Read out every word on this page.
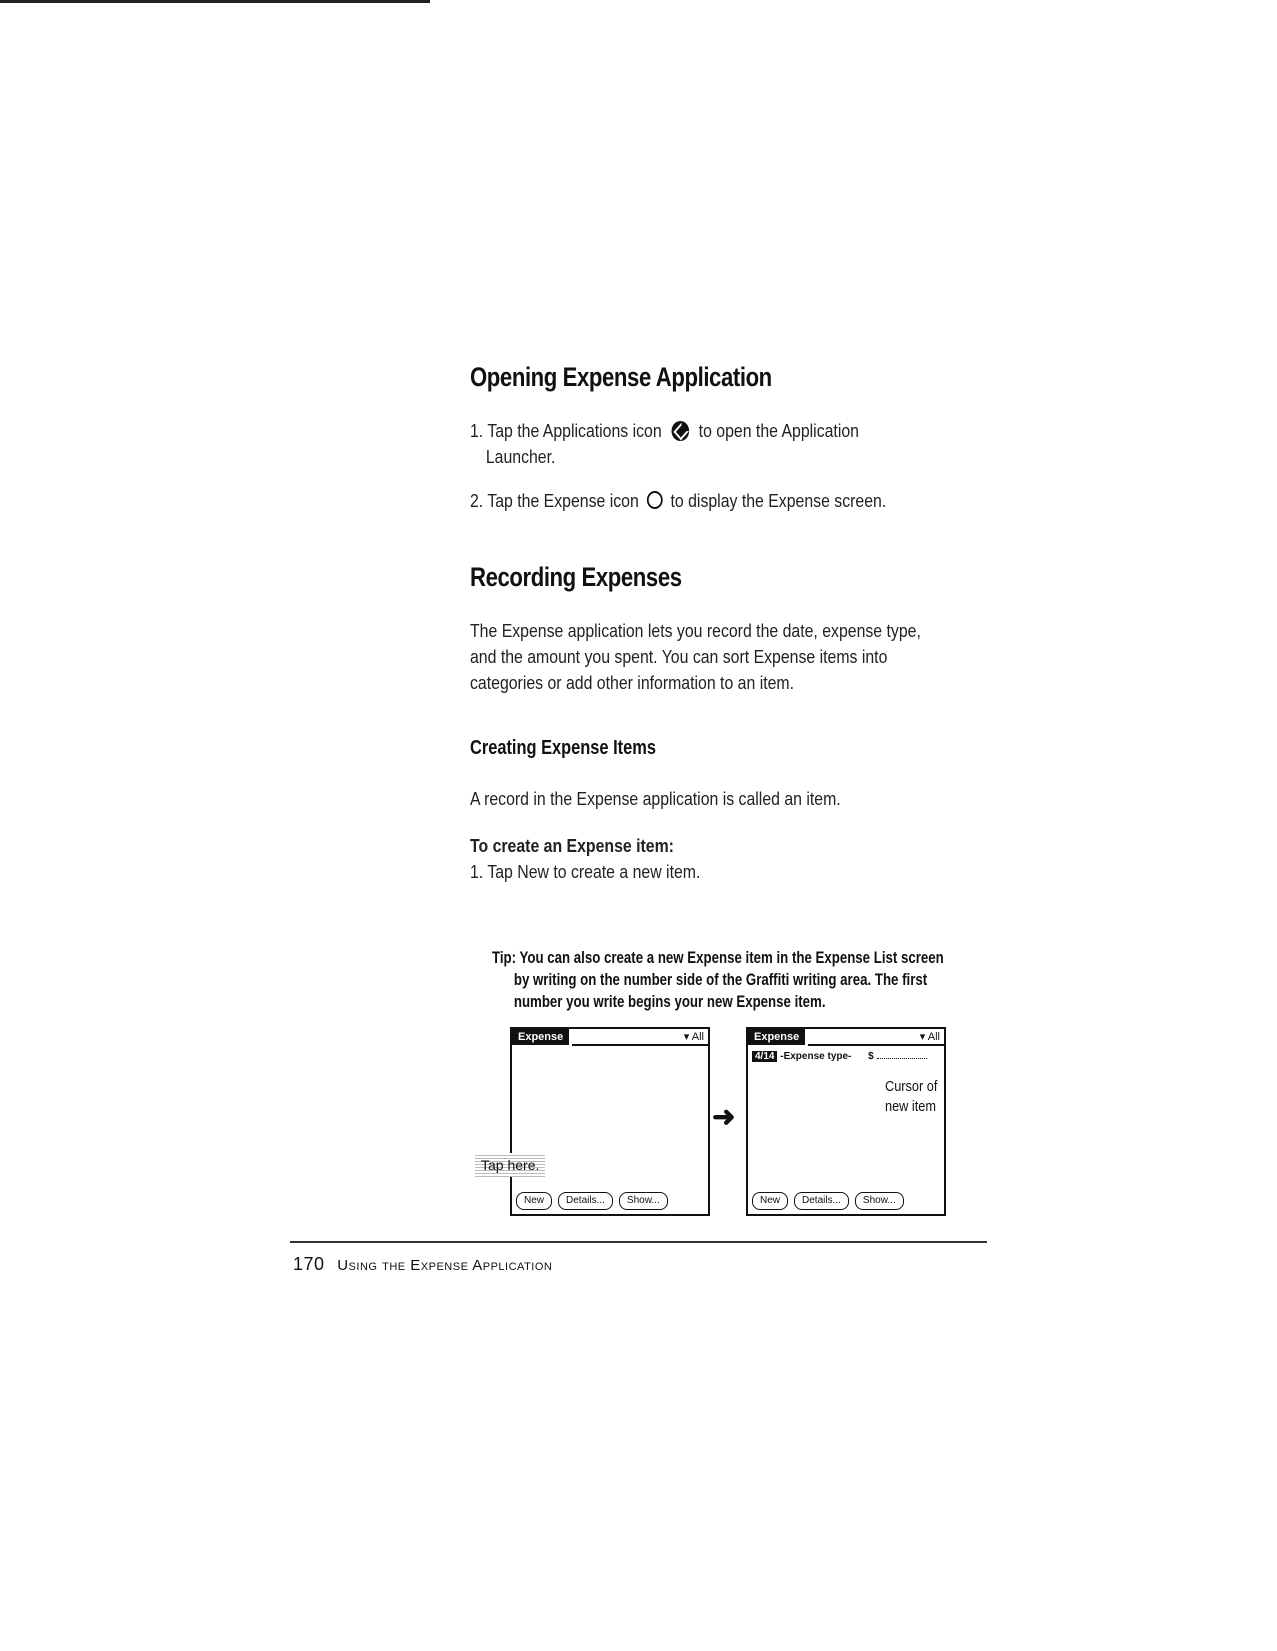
Opening Expense Application
1. Tap the Applications icon to open the Application
Launcher.
2. Tap the Expense icon to display the Expense screen.
Recording Expenses
The Expense application lets you record the date, expense type,
and the amount you spent. You can sort Expense items into
categories or add other information to an item.
Creating Expense Items
A record in the Expense application is called an item.
To create an Expense item:
1. Tap New to create a new item.
Tip: You can also create a new Expense item in the Expense List screen
by writing on the number side of the Graffiti writing area. The first
number you write begins your new Expense item.
Expense	▾ All
New	Details...	Show...
Tap here.
➜
Expense	▾ All
4/14 -Expense type- $
New	Details...	Show...
Cursor of
new item
170 Using the Expense Application
